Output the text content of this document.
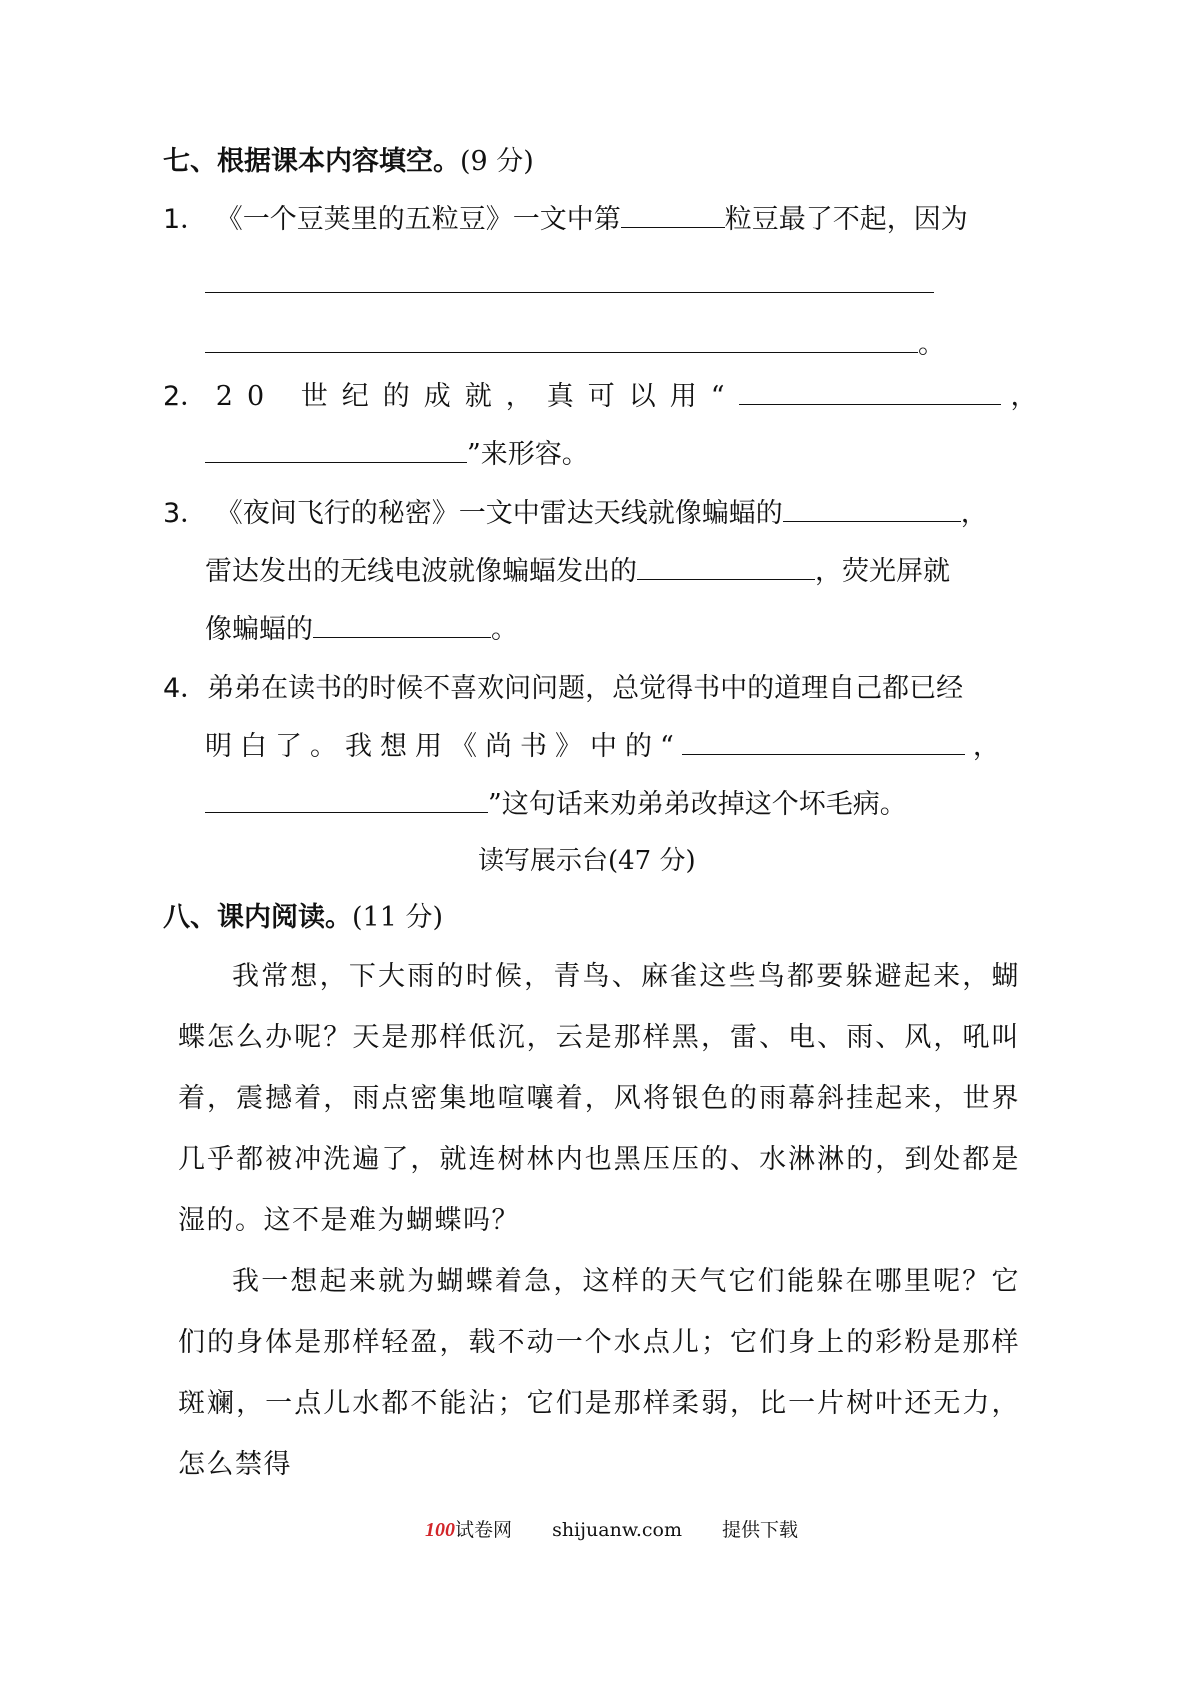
七、根据课本内容填空。(9 分)
1． 《一个豆荚里的五粒豆》一文中第	粒豆最了不起，因为
。
2． 20 世纪的成就，真可以用“	，
”来形容。
3． 《夜间飞行的秘密》一文中雷达天线就像蝙蝠的	，
雷达发出的无线电波就像蝙蝠发出的	，荧光屏就
像蝙蝠的	。
4．弟弟在读书的时候不喜欢问问题，总觉得书中的道理自己都已经
明白了。我想用《尚书》中的“	，
”这句话来劝弟弟改掉这个坏毛病。
读写展示台(47 分)
八、课内阅读。(11 分)

我常想，下大雨的时候，青鸟、麻雀这些鸟都要躲避起来，蝴蝶怎么办呢？天是那样低沉，云是那样黑，雷、电、雨、风，吼叫着，震撼着，雨点密集地喧嚷着，风将银色的雨幕斜挂起来，世界几乎都被冲洗遍了，就连树林内也黑压压的、水淋淋的，到处都是湿的。这不是难为蝴蝶吗？

我一想起来就为蝴蝶着急，这样的天气它们能躲在哪里呢？它们的身体是那样轻盈，载不动一个水点儿；它们身上的彩粉是那样斑斓，一点儿水都不能沾；它们是那样柔弱，比一片树叶还无力，怎么禁得

100试卷网 shijuanw.com 提供下载
